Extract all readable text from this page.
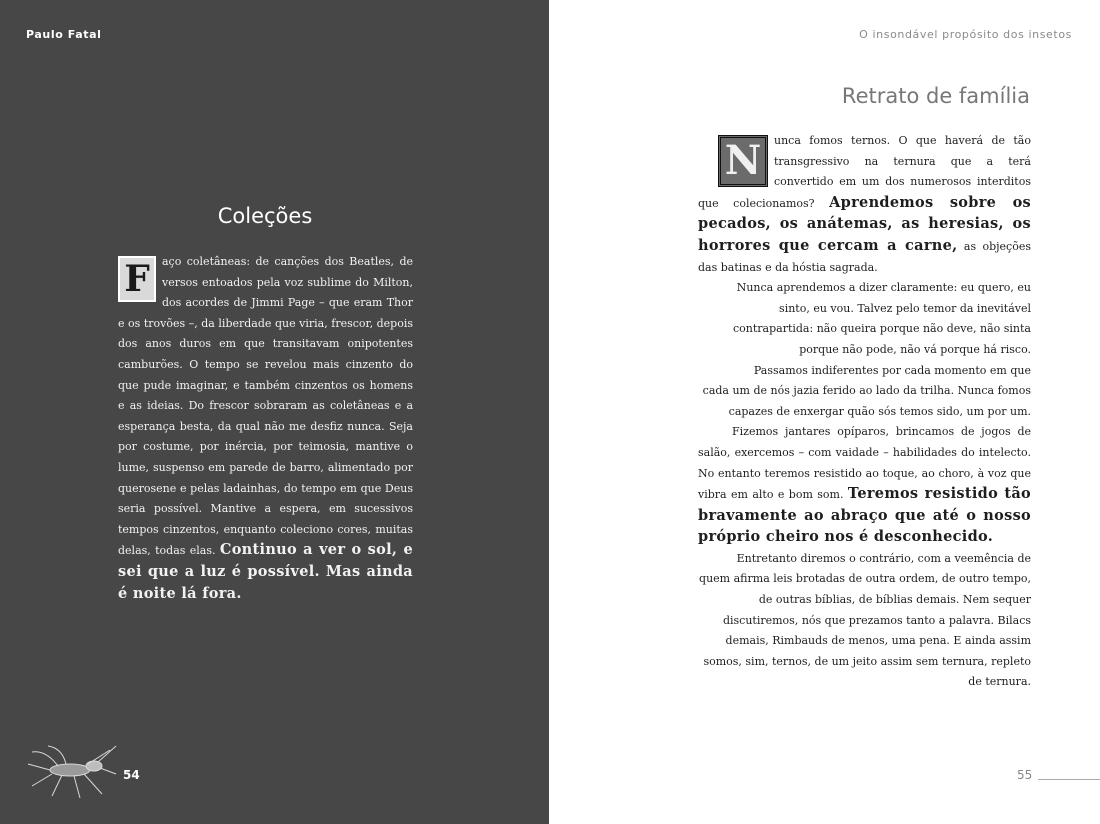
Paulo Fatal
Coleções
F	aço coletâneas: de canções dos Beatles, de versos entoados pela voz sublime do Milton, dos acordes de Jimmi Page – que eram Thor e os trovões –, da liberdade que viria, frescor, depois dos anos duros em que transitavam onipotentes camburões. O tempo se revelou mais cinzento do que pude imaginar, e também cinzentos os homens e as ideias. Do frescor sobraram as coletâneas e a esperança besta, da qual não me desfiz nunca. Seja por costume, por inércia, por teimosia, mantive o lume, suspenso em parede de barro, alimentado por querosene e pelas ladainhas, do tempo em que Deus seria possível. Mantive a espera, em sucessivos tempos cinzentos, enquanto coleciono cores, muitas delas, todas elas. Continuo a ver o sol, e sei que a luz é possível. Mas ainda é noite lá fora.
54
O insondável propósito dos insetos
Retrato de família
N	unca fomos ternos. O que haverá de tão transgressivo na ternura que a terá convertido em um dos numerosos interditos que colecionamos? Aprendemos sobre os pecados, os anátemas, as heresias, os horrores que cercam a carne, as objeções das batinas e da hóstia sagrada.
Nunca aprendemos a dizer claramente: eu quero, eu sinto, eu vou. Talvez pelo temor da inevitável contrapartida: não queira porque não deve, não sinta porque não pode, não vá porque há risco.
Passamos indiferentes por cada momento em que cada um de nós jazia ferido ao lado da trilha. Nunca fomos capazes de enxergar quão sós temos sido, um por um.
Fizemos jantares opíparos, brincamos de jogos de salão, exercemos – com vaidade – habilidades do intelecto. No entanto teremos resistido ao toque, ao choro, à voz que vibra em alto e bom som. Teremos resistido tão bravamente ao abraço que até o nosso próprio cheiro nos é desconhecido.
Entretanto diremos o contrário, com a veemência de quem afirma leis brotadas de outra ordem, de outro tempo, de outras bíblias, de bíblias demais. Nem sequer discutiremos, nós que prezamos tanto a palavra. Bilacs demais, Rimbauds de menos, uma pena. E ainda assim somos, sim, ternos, de um jeito assim sem ternura, repleto de ternura.
55
